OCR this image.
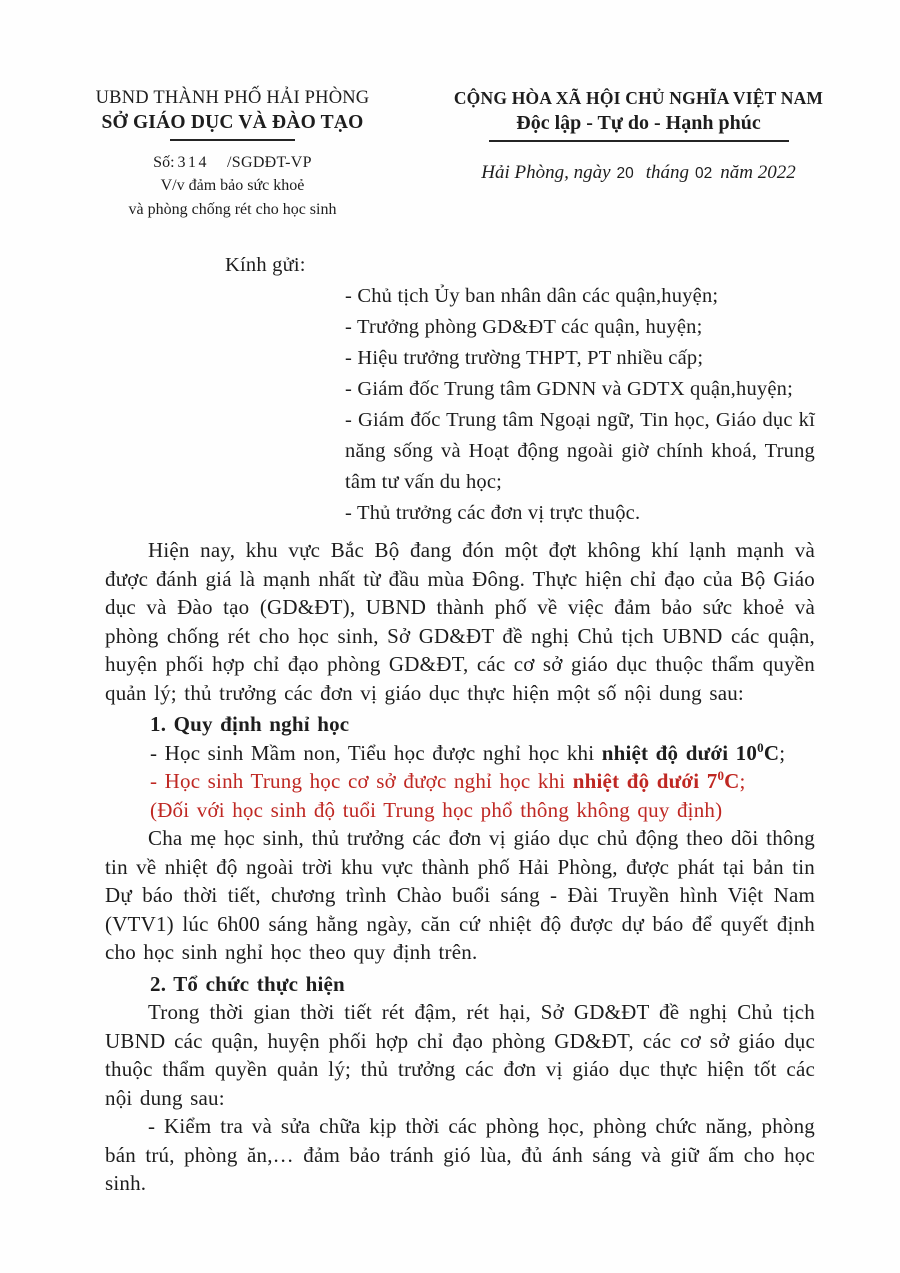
UBND THÀNH PHỐ HẢI PHÒNG
SỞ GIÁO DỤC VÀ ĐÀO TẠO
Số: 314 /SGDĐT-VP
V/v đảm bảo sức khoẻ
và phòng chống rét cho học sinh
CỘNG HÒA XÃ HỘI CHỦ NGHĨA VIỆT NAM
Độc lập - Tự do - Hạnh phúc
Hải Phòng, ngày 20 tháng 02 năm 2022
Kính gửi:
- Chủ tịch Ủy ban nhân dân các quận,huyện;
- Trưởng phòng GD&ĐT các quận, huyện;
- Hiệu trưởng trường THPT, PT nhiều cấp;
- Giám đốc Trung tâm GDNN và GDTX quận,huyện;
- Giám đốc Trung tâm Ngoại ngữ, Tin học, Giáo dục kĩ năng sống và Hoạt động ngoài giờ chính khoá, Trung tâm tư vấn du học;
- Thủ trưởng các đơn vị trực thuộc.
Hiện nay, khu vực Bắc Bộ đang đón một đợt không khí lạnh mạnh và được đánh giá là mạnh nhất từ đầu mùa Đông. Thực hiện chỉ đạo của Bộ Giáo dục và Đào tạo (GD&ĐT), UBND thành phố về việc đảm bảo sức khoẻ và phòng chống rét cho học sinh, Sở GD&ĐT đề nghị Chủ tịch UBND các quận, huyện phối hợp chỉ đạo phòng GD&ĐT, các cơ sở giáo dục thuộc thẩm quyền quản lý; thủ trưởng các đơn vị giáo dục thực hiện một số nội dung sau:
1. Quy định nghỉ học
- Học sinh Mầm non, Tiểu học được nghỉ học khi nhiệt độ dưới $10^0C$;
- Học sinh Trung học cơ sở được nghỉ học khi nhiệt độ dưới $7^0C$;
(Đối với học sinh độ tuổi Trung học phổ thông không quy định)
Cha mẹ học sinh, thủ trưởng các đơn vị giáo dục chủ động theo dõi thông tin về nhiệt độ ngoài trời khu vực thành phố Hải Phòng, được phát tại bản tin Dự báo thời tiết, chương trình Chào buổi sáng - Đài Truyền hình Việt Nam (VTV1) lúc 6h00 sáng hằng ngày, căn cứ nhiệt độ được dự báo để quyết định cho học sinh nghỉ học theo quy định trên.
2. Tổ chức thực hiện
Trong thời gian thời tiết rét đậm, rét hại, Sở GD&ĐT đề nghị Chủ tịch UBND các quận, huyện phối hợp chỉ đạo phòng GD&ĐT, các cơ sở giáo dục thuộc thẩm quyền quản lý; thủ trưởng các đơn vị giáo dục thực hiện tốt các nội dung sau:
- Kiểm tra và sửa chữa kịp thời các phòng học, phòng chức năng, phòng bán trú, phòng ăn,… đảm bảo tránh gió lùa, đủ ánh sáng và giữ ấm cho học sinh.
